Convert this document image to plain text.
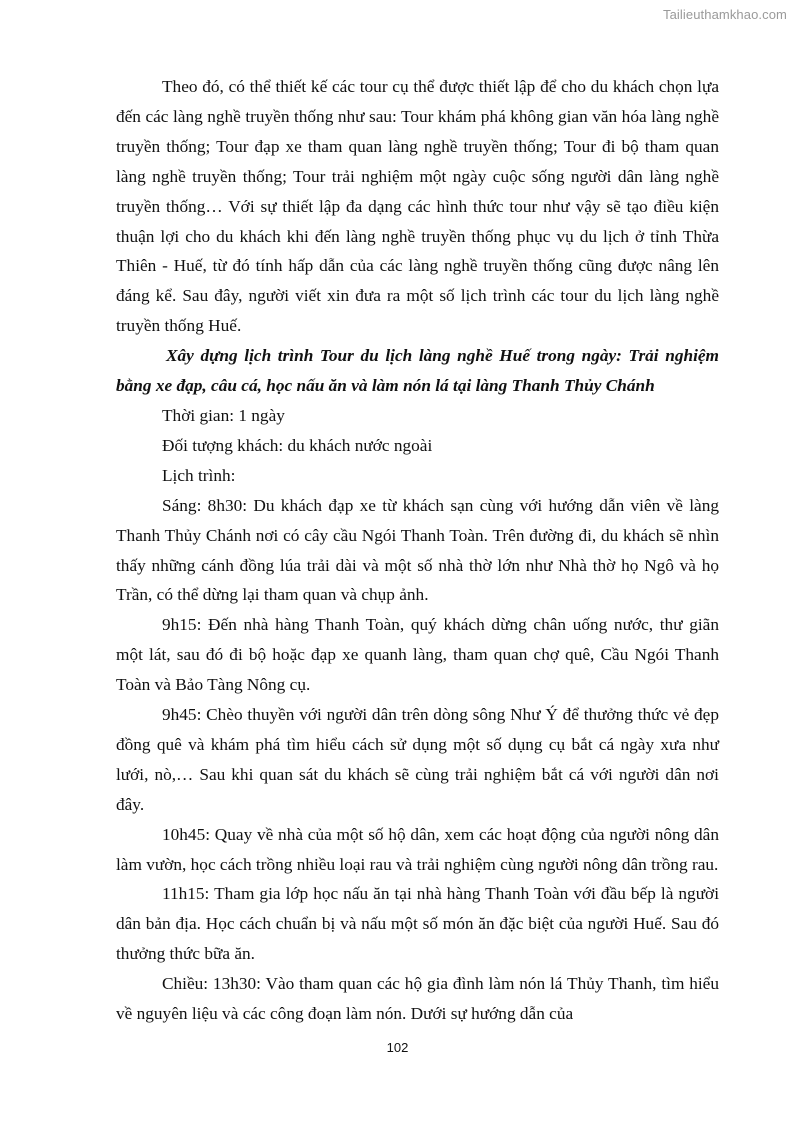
Tailieuthamkhao.com

Theo đó, có thể thiết kế các tour cụ thể được thiết lập để cho du khách chọn lựa đến các làng nghề truyền thống như sau: Tour khám phá không gian văn hóa làng nghề truyền thống; Tour đạp xe tham quan làng nghề truyền thống; Tour đi bộ tham quan làng nghề truyền thống; Tour trải nghiệm một ngày cuộc sống người dân làng nghề truyền thống… Với sự thiết lập đa dạng các hình thức tour như vậy sẽ tạo điều kiện thuận lợi cho du khách khi đến làng nghề truyền thống phục vụ du lịch ở tỉnh Thừa Thiên - Huế, từ đó tính hấp dẫn của các làng nghề truyền thống cũng được nâng lên đáng kể. Sau đây, người viết xin đưa ra một số lịch trình các tour du lịch làng nghề truyền thống Huế.

Xây dựng lịch trình Tour du lịch làng nghề Huế trong ngày: Trải nghiệm bằng xe đạp, câu cá, học nấu ăn và làm nón lá tại làng Thanh Thủy Chánh

Thời gian: 1 ngày

Đối tượng khách: du khách nước ngoài

Lịch trình:

Sáng: 8h30: Du khách đạp xe từ khách sạn cùng với hướng dẫn viên về làng Thanh Thủy Chánh nơi có cây cầu Ngói Thanh Toàn. Trên đường đi, du khách sẽ nhìn thấy những cánh đồng lúa trải dài và một số nhà thờ lớn như Nhà thờ họ Ngô và họ Trần, có thể dừng lại tham quan và chụp ảnh.

9h15: Đến nhà hàng Thanh Toàn, quý khách dừng chân uống nước, thư giãn một lát, sau đó đi bộ hoặc đạp xe quanh làng, tham quan chợ quê, Cầu Ngói Thanh Toàn và Bảo Tàng Nông cụ.

9h45: Chèo thuyền với người dân trên dòng sông Như Ý để thưởng thức vẻ đẹp đồng quê và khám phá tìm hiểu cách sử dụng một số dụng cụ bắt cá ngày xưa như lưới, nò,… Sau khi quan sát du khách sẽ cùng trải nghiệm bắt cá với người dân nơi đây.

10h45: Quay về nhà của một số hộ dân, xem các hoạt động của người nông dân làm vườn, học cách trồng nhiều loại rau và trải nghiệm cùng người nông dân trồng rau.

11h15: Tham gia lớp học nấu ăn tại nhà hàng Thanh Toàn với đầu bếp là người dân bản địa. Học cách chuẩn bị và nấu một số món ăn đặc biệt của người Huế. Sau đó thưởng thức bữa ăn.

Chiều: 13h30: Vào tham quan các hộ gia đình làm nón lá Thủy Thanh, tìm hiểu về nguyên liệu và các công đoạn làm nón. Dưới sự hướng dẫn của

102
